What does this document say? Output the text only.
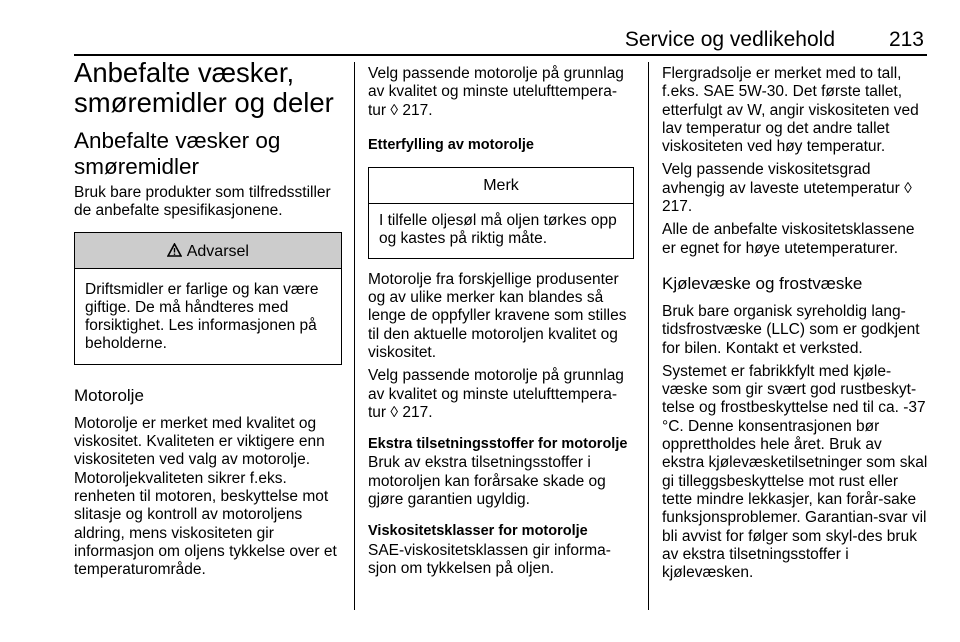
Service og vedlikehold	213
Anbefalte væsker, smøremidler og deler
Anbefalte væsker og smøremidler

Bruk bare produkter som tilfredsstiller de anbefalte spesifikasjonene.

Advarsel

Driftsmidler er farlige og kan være giftige. De må håndteres med forsiktighet. Les informasjonen på beholderne.

Motorolje

Motorolje er merket med kvalitet og viskositet. Kvaliteten er viktigere enn viskositeten ved valg av motorolje. Motoroljekvaliteten sikrer f.eks. renheten til motoren, beskyttelse mot slitasje og kontroll av motoroljens aldring, mens viskositeten gir informasjon om oljens tykkelse over et temperaturområde.

Velg passende motorolje på grunnlag av kvalitet og minste utelufttempera-tur ◊ 217.

Etterfylling av motorolje

Merk

I tilfelle oljesøl må oljen tørkes opp og kastes på riktig måte.

Motorolje fra forskjellige produsenter og av ulike merker kan blandes så lenge de oppfyller kravene som stilles til den aktuelle motoroljen kvalitet og viskositet.

Velg passende motorolje på grunnlag av kvalitet og minste utelufttempera-tur ◊ 217.

Ekstra tilsetningsstoffer for motorolje

Bruk av ekstra tilsetningsstoffer i motoroljen kan forårsake skade og gjøre garantien ugyldig.

Viskositetsklasser for motorolje

SAE-viskositetsklassen gir informa-sjon om tykkelsen på oljen.

Flergradsolje er merket med to tall, f.eks. SAE 5W-30. Det første tallet, etterfulgt av W, angir viskositeten ved lav temperatur og det andre tallet viskositeten ved høy temperatur.

Velg passende viskositetsgrad avhengig av laveste utetemperatur ◊ 217.

Alle de anbefalte viskositetsklassene er egnet for høye utetemperaturer.

Kjølevæske og frostvæske

Bruk bare organisk syreholdig lang-tidsfrostvæske (LLC) som er godkjent for bilen. Kontakt et verksted.

Systemet er fabrikkfylt med kjøle-væske som gir svært god rustbeskyt-telse og frostbeskyttelse ned til ca. -37 °C. Denne konsentrasjonen bør opprettholdes hele året. Bruk av ekstra kjølevæsketilsetninger som skal gi tilleggsbeskyttelse mot rust eller tette mindre lekkasjer, kan forår-sake funksjonsproblemer. Garantian-svar vil bli avvist for følger som skyl-des bruk av ekstra tilsetningsstoffer i kjølevæsken.
